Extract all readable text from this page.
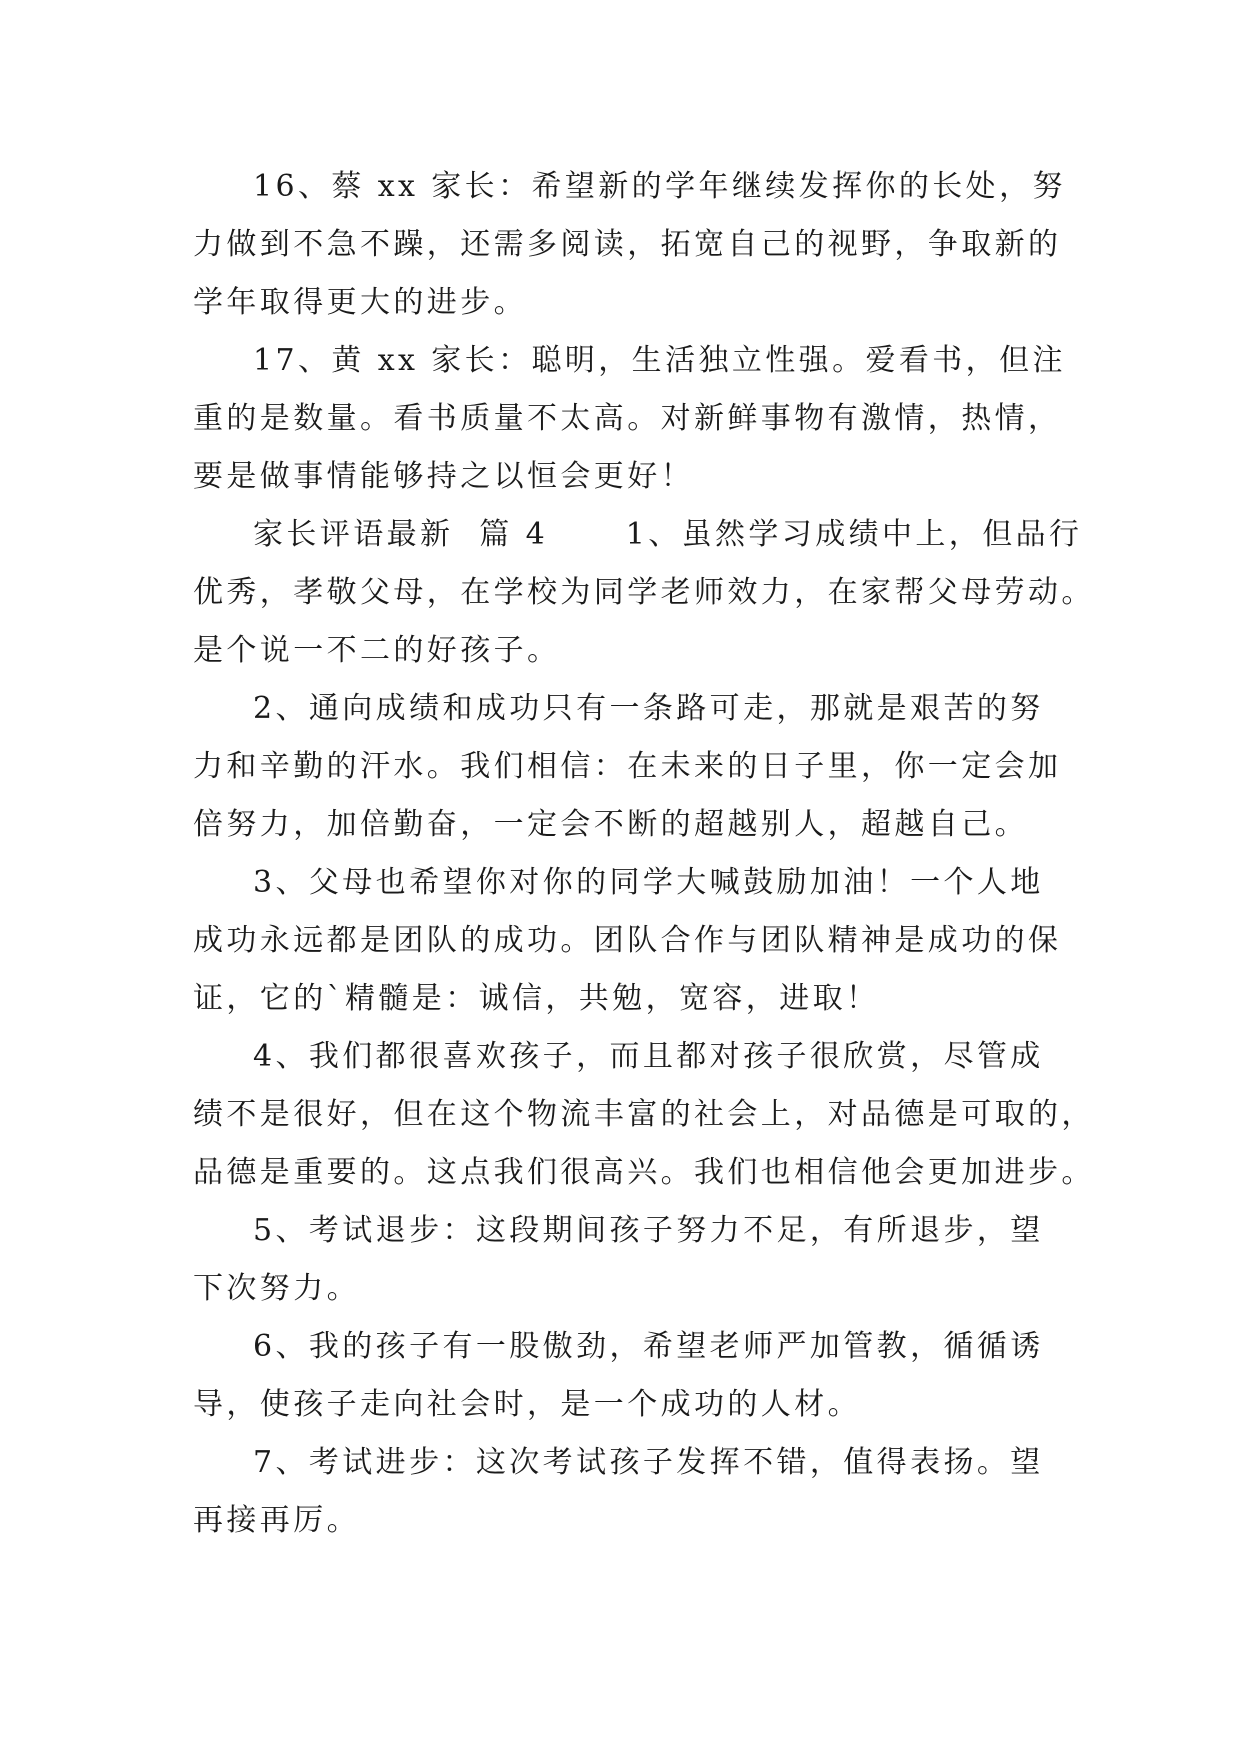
16、蔡 xx 家长：希望新的学年继续发挥你的长处，努
力做到不急不躁，还需多阅读，拓宽自己的视野，争取新的
学年取得更大的进步。
17、黄 xx 家长：聪明，生活独立性强。爱看书，但注
重的是数量。看书质量不太高。对新鲜事物有激情，热情，
要是做事情能够持之以恒会更好！
家长评语最新  篇 4      1、虽然学习成绩中上，但品行
优秀，孝敬父母，在学校为同学老师效力，在家帮父母劳动。
是个说一不二的好孩子。
2、通向成绩和成功只有一条路可走，那就是艰苦的努
力和辛勤的汗水。我们相信：在未来的日子里，你一定会加
倍努力，加倍勤奋，一定会不断的超越别人，超越自己。
3、父母也希望你对你的同学大喊鼓励加油！一个人地
成功永远都是团队的成功。团队合作与团队精神是成功的保
证，它的`精髓是：诚信，共勉，宽容，进取！
4、我们都很喜欢孩子，而且都对孩子很欣赏，尽管成
绩不是很好，但在这个物流丰富的社会上，对品德是可取的，
品德是重要的。这点我们很高兴。我们也相信他会更加进步。
5、考试退步：这段期间孩子努力不足，有所退步，望
下次努力。
6、我的孩子有一股傲劲，希望老师严加管教，循循诱
导，使孩子走向社会时，是一个成功的人材。
7、考试进步：这次考试孩子发挥不错，值得表扬。望
再接再厉。
